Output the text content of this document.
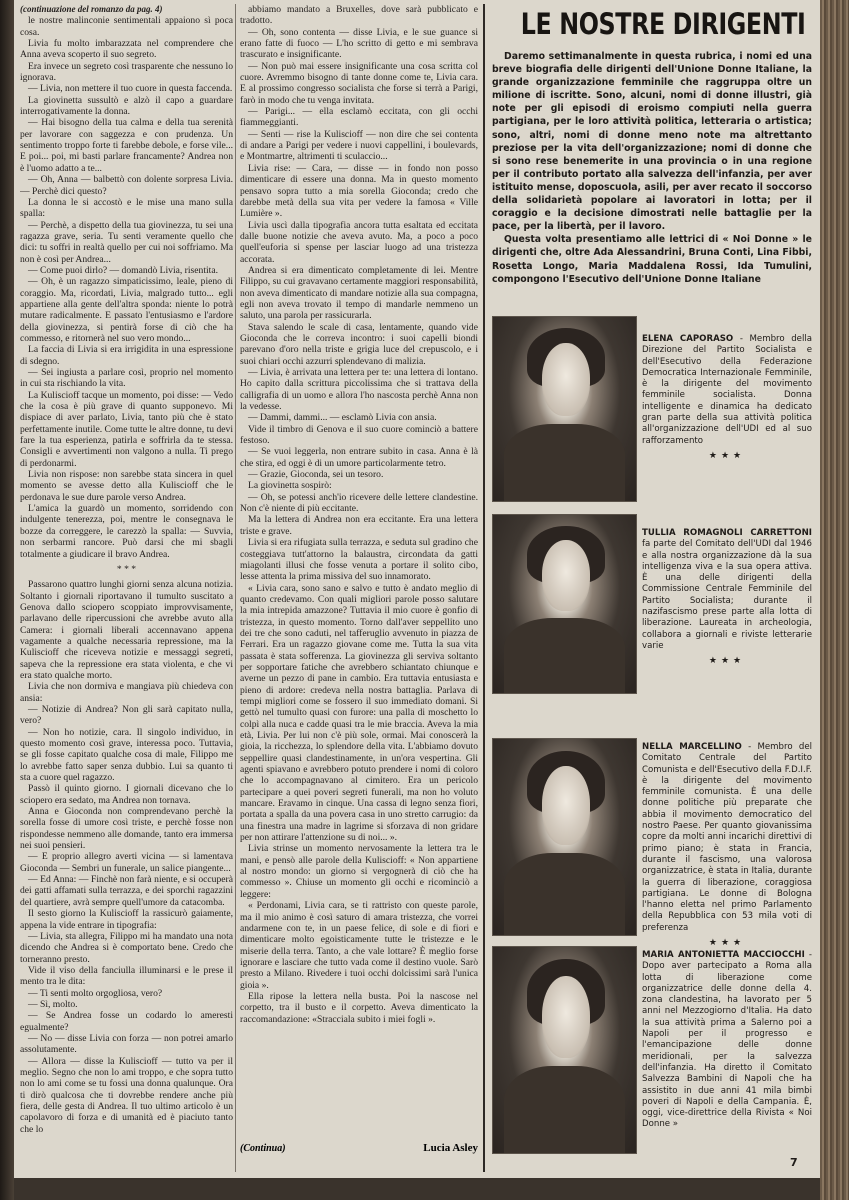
(continuazione del romanzo da pag. 4)

le nostre malinconie sentimentali appaiono sì poca cosa.

Livia fu molto imbarazzata nel comprendere che Anna aveva scoperto il suo segreto.

Era invece un segreto così trasparente che nessuno lo ignorava.

— Livia, non mettere il tuo cuore in questa faccenda.

La giovinetta sussultò e alzò il capo a guardare interrogativamente la donna.

— Hai bisogno della tua calma e della tua serenità per lavorare con saggezza e con prudenza. Un sentimento troppo forte ti farebbe debole, e forse vile... E poi... poi, mi basti parlare francamente? Andrea non è l'uomo adatto a te...

— Oh, Anna — balbettò con dolente sorpresa Livia. — Perchè dici questo?

La donna le si accostò e le mise una mano sulla spalla:

— Perchè, a dispetto della tua giovinezza, tu sei una ragazza grave, seria. Tu senti veramente quello che dici: tu soffri in realtà quello per cui noi soffriamo. Ma non è così per Andrea...

— Come puoi dirlo? — domandò Livia, risentita.

— Oh, è un ragazzo simpaticissimo, leale, pieno di coraggio. Ma, ricordati, Livia, malgrado tutto... egli appartiene alla gente dell'altra sponda: niente lo potrà mutare radicalmente. E passato l'entusiasmo e l'ardore della giovinezza, si pentirà forse di ciò che ha commesso, e ritornerà nel suo vero mondo...

La faccia di Livia si era irrigidita in una espressione di sdegno.

— Sei ingiusta a parlare così, proprio nel momento in cui sta rischiando la vita.

La Kuliscioff tacque un momento, poi disse: — Vedo che la cosa è più grave di quanto supponevo. Mi dispiace di aver parlato, Livia, tanto più che è stato perfettamente inutile. Come tutte le altre donne, tu devi fare la tua esperienza, patirla e soffrirla da te stessa. Consigli e avvertimenti non valgono a nulla. Ti prego di perdonarmi.

Livia non rispose: non sarebbe stata sincera in quel momento se avesse detto alla Kuliscioff che le perdonava le sue dure parole verso Andrea.

L'amica la guardò un momento, sorridendo con indulgente tenerezza, poi, mentre le consegnava le bozze da correggere, le carezzò la spalla: — Suvvia, non serbarmi rancore. Può darsi che mi sbagli totalmente a giudicare il bravo Andrea.

* * *

Passarono quattro lunghi giorni senza alcuna notizia. Soltanto i giornali riportavano il tumulto suscitato a Genova dallo sciopero scoppiato improvvisamente, parlavano delle ripercussioni che avrebbe avuto alla Camera: i giornali liberali accennavano appena vagamente a qualche necessaria repressione, ma la Kuliscioff che riceveva notizie e messaggi segreti, sapeva che la repressione era stata violenta, e che vi era stato qualche morto.

Livia che non dormiva e mangiava più chiedeva con ansia:

— Notizie di Andrea? Non gli sarà capitato nulla, vero?

— Non ho notizie, cara. Il singolo individuo, in questo momento così grave, interessa poco. Tuttavia, se gli fosse capitato qualche cosa di male, Filippo me lo avrebbe fatto saper senza dubbio. Lui sa quanto ti sta a cuore quel ragazzo.

Passò il quinto giorno. I giornali dicevano che lo sciopero era sedato, ma Andrea non tornava.

Anna e Gioconda non comprendevano perchè la sorella fosse di umore così triste, e perchè fosse non rispondesse nemmeno alle domande, tanto era immersa nei suoi pensieri.

— E proprio allegro averti vicina — si lamentava Gioconda — Sembri un funerale, un salice piangente...

— Ed Anna: — Finchè non farà niente, e si occuperà dei gatti affamati sulla terrazza, e dei sporchi ragazzini del quartiere, avrà sempre quell'umore da catacomba.

Il sesto giorno la Kuliscioff la rassicurò gaiamente, appena la vide entrare in tipografia:

— Livia, sta allegra, Filippo mi ha mandato una nota dicendo che Andrea si è comportato bene. Credo che torneranno presto.

Vide il viso della fanciulla illuminarsi e le prese il mento tra le dita:

— Ti senti molto orgogliosa, vero?

— Sì, molto.

— Se Andrea fosse un codardo lo ameresti egualmente?

— No — disse Livia con forza — non potrei amarlo assolutamente.

— Allora — disse la Kuliscioff — tutto va per il meglio. Segno che non lo ami troppo, e che sopra tutto non lo ami come se tu fossi una donna qualunque. Ora ti dirò qualcosa che ti dovrebbe rendere anche più fiera, delle gesta di Andrea. Il tuo ultimo articolo è un capolavoro di forza e di umanità ed è piaciuto tanto che lo

abbiamo mandato a Bruxelles, dove sarà pubblicato e tradotto.

— Oh, sono contenta — disse Livia, e le sue guance si erano fatte di fuoco — L'ho scritto di getto e mi sembrava trascurato e insignificante.

— Non può mai essere insignificante una cosa scritta col cuore. Avremmo bisogno di tante donne come te, Livia cara. E al prossimo congresso socialista che forse si terrà a Parigi, farò in modo che tu venga invitata.

— Parigi... — ella esclamò eccitata, con gli occhi fiammeggianti.

— Senti — rise la Kuliscioff — non dire che sei contenta di andare a Parigi per vedere i nuovi cappellini, i boulevards, e Montmartre, altrimenti ti sculaccio...

Livia rise: — Cara, — disse — in fondo non posso dimenticare di essere una donna. Ma in questo momento pensavo sopra tutto a mia sorella Gioconda; credo che darebbe metà della sua vita per vedere la famosa « Ville Lumière ».

Livia uscì dalla tipografia ancora tutta esaltata ed eccitata dalle buone notizie che aveva avuto. Ma, a poco a poco quell'euforia si spense per lasciar luogo ad una tristezza accorata.

Andrea si era dimenticato completamente di lei. Mentre Filippo, su cui gravavano certamente maggiori responsabilità, non aveva dimenticato di mandare notizie alla sua compagna, egli non aveva trovato il tempo di mandarle nemmeno un saluto, una parola per rassicurarla.

Stava salendo le scale di casa, lentamente, quando vide Gioconda che le correva incontro: i suoi capelli biondi parevano d'oro nella triste e grigia luce del crepuscolo, e i suoi chiari occhi azzurri splendevano di malizia.

— Livia, è arrivata una lettera per te: una lettera di lontano. Ho capito dalla scrittura piccolissima che si trattava della calligrafia di un uomo e allora l'ho nascosta perchè Anna non la vedesse.

— Dammi, dammi... — esclamò Livia con ansia.

Vide il timbro di Genova e il suo cuore cominciò a battere festoso.

— Se vuoi leggerla, non entrare subito in casa. Anna è là che stira, ed oggi è di un umore particolarmente tetro.

— Grazie, Gioconda, sei un tesoro.

La giovinetta sospirò:

— Oh, se potessi anch'io ricevere delle lettere clandestine. Non c'è niente di più eccitante.

Ma la lettera di Andrea non era eccitante. Era una lettera triste e grave.

Livia si era rifugiata sulla terrazza, e seduta sul gradino che costeggiava tutt'attorno la balaustra, circondata da gatti miagolanti illusi che fosse venuta a portare il solito cibo, lesse attenta la prima missiva del suo innamorato.

« Livia cara, sono sano e salvo e tutto è andato meglio di quanto credevamo. Con quali migliori parole posso salutare la mia intrepida amazzone? Tuttavia il mio cuore è gonfio di tristezza, in questo momento. Torno dall'aver seppellito uno dei tre che sono caduti, nel tafferuglio avvenuto in piazza de Ferrari. Era un ragazzo giovane come me. Tutta la sua vita passata è stata sofferenza. La giovinezza gli serviva soltanto per sopportare fatiche che avrebbero schiantato chiunque e averne un pezzo di pane in cambio. Era tuttavia entusiasta e pieno di ardore: credeva nella nostra battaglia. Parlava di tempi migliori come se fossero il suo immediato domani. Si gettò nel tumulto quasi con furore: una palla di moschetto lo colpì alla nuca e cadde quasi tra le mie braccia. Aveva la mia età, Livia. Per lui non c'è più sole, ormai. Mai conoscerà la gioia, la ricchezza, lo splendore della vita. L'abbiamo dovuto seppellire quasi clandestinamente, in un'ora vespertina. Gli agenti spiavano e avrebbero potuto prendere i nomi di coloro che lo accompagnavano al cimitero. Era un pericolo partecipare a quei poveri segreti funerali, ma non ho voluto mancare. Eravamo in cinque. Una cassa di legno senza fiori, portata a spalla da una povera casa in uno stretto carrugio: da una finestra una madre in lagrime si sforzava di non gridare per non attirare l'attenzione su di noi... ».

Livia strinse un momento nervosamente la lettera tra le mani, e pensò alle parole della Kuliscioff: « Non appartiene al nostro mondo: un giorno si vergognerà di ciò che ha commesso ». Chiuse un momento gli occhi e ricominciò a leggere:

« Perdonami, Livia cara, se ti rattristo con queste parole, ma il mio animo è così saturo di amara tristezza, che vorrei andarmene con te, in un paese felice, di sole e di fiori e dimenticare molto egoisticamente tutte le tristezze e le miserie della terra. Tanto, a che vale lottare? È meglio forse ignorare e lasciare che tutto vada come il destino vuole. Sarò presto a Milano. Rivedere i tuoi occhi dolcissimi sarà l'unica gioia ».

Ella ripose la lettera nella busta. Poi la nascose nel corpetto, tra il busto e il corpetto. Aveva dimenticato la raccomandazione: «Stracciala subito i miei fogli ».

(Continua)	Lucia Asley
LE NOSTRE DIRIGENTI

Daremo settimanalmente in questa rubrica, i nomi ed una breve biografia delle dirigenti dell'Unione Donne Italiane, la grande organizzazione femminile che raggruppa oltre un milione di iscritte. Sono, alcuni, nomi di donne illustri, già note per gli episodi di eroismo compiuti nella guerra partigiana, per le loro attività politica, letteraria o artistica; sono, altri, nomi di donne meno note ma altrettanto preziose per la vita dell'organizzazione; nomi di donne che si sono rese benemerite in una provincia o in una regione per il contributo portato alla salvezza dell'infanzia, per aver istituito mense, doposcuola, asili, per aver recato il soccorso della solidarietà popolare ai lavoratori in lotta; per il coraggio e la decisione dimostrati nelle battaglie per la pace, per la libertà, per il lavoro.

Questa volta presentiamo alle lettrici di « Noi Donne » le dirigenti che, oltre Ada Alessandrini, Bruna Conti, Lina Fibbi, Rosetta Longo, Maria Maddalena Rossi, Ida Tumulini, compongono l'Esecutivo dell'Unione Donne Italiane

ELENA CAPORASO - Membro della Direzione del Partito Socialista e dell'Esecutivo della Federazione Democratica Internazionale Femminile, è la dirigente del movimento femminile socialista. Donna intelligente e dinamica ha dedicato gran parte della sua attività politica all'organizzazione dell'UDI ed al suo rafforzamento
★★★
TULLIA ROMAGNOLI CARRETTONI fa parte del Comitato dell'UDI dal 1946 e alla nostra organizzazione dà la sua intelligenza viva e la sua opera attiva. È una delle dirigenti della Commissione Centrale Femminile del Partito Socialista; durante il nazifascismo prese parte alla lotta di liberazione. Laureata in archeologia, collabora a giornali e riviste letterarie varie
★★★
NELLA MARCELLINO - Membro del Comitato Centrale del Partito Comunista e dell'Esecutivo della F.D.I.F. è la dirigente del movimento femminile comunista. È una delle donne politiche più preparate che abbia il movimento democratico del nostro Paese. Per quanto giovanissima copre da molti anni incarichi direttivi di primo piano; è stata in Francia, durante il fascismo, una valorosa organizzatrice, è stata in Italia, durante la guerra di liberazione, coraggiosa partigiana. Le donne di Bologna l'hanno eletta nel primo Parlamento della Repubblica con 53 mila voti di preferenza
★★★
MARIA ANTONIETTA MACCIOCCHI - Dopo aver partecipato a Roma alla lotta di liberazione come organizzatrice delle donne della 4. zona clandestina, ha lavorato per 5 anni nel Mezzogiorno d'Italia. Ha dato la sua attività prima a Salerno poi a Napoli per il progresso e l'emancipazione delle donne meridionali, per la salvezza dell'infanzia. Ha diretto il Comitato Salvezza Bambini di Napoli che ha assistito in due anni 41 mila bimbi poveri di Napoli e della Campania. È, oggi, vice-direttrice della Rivista « Noi Donne »
7
